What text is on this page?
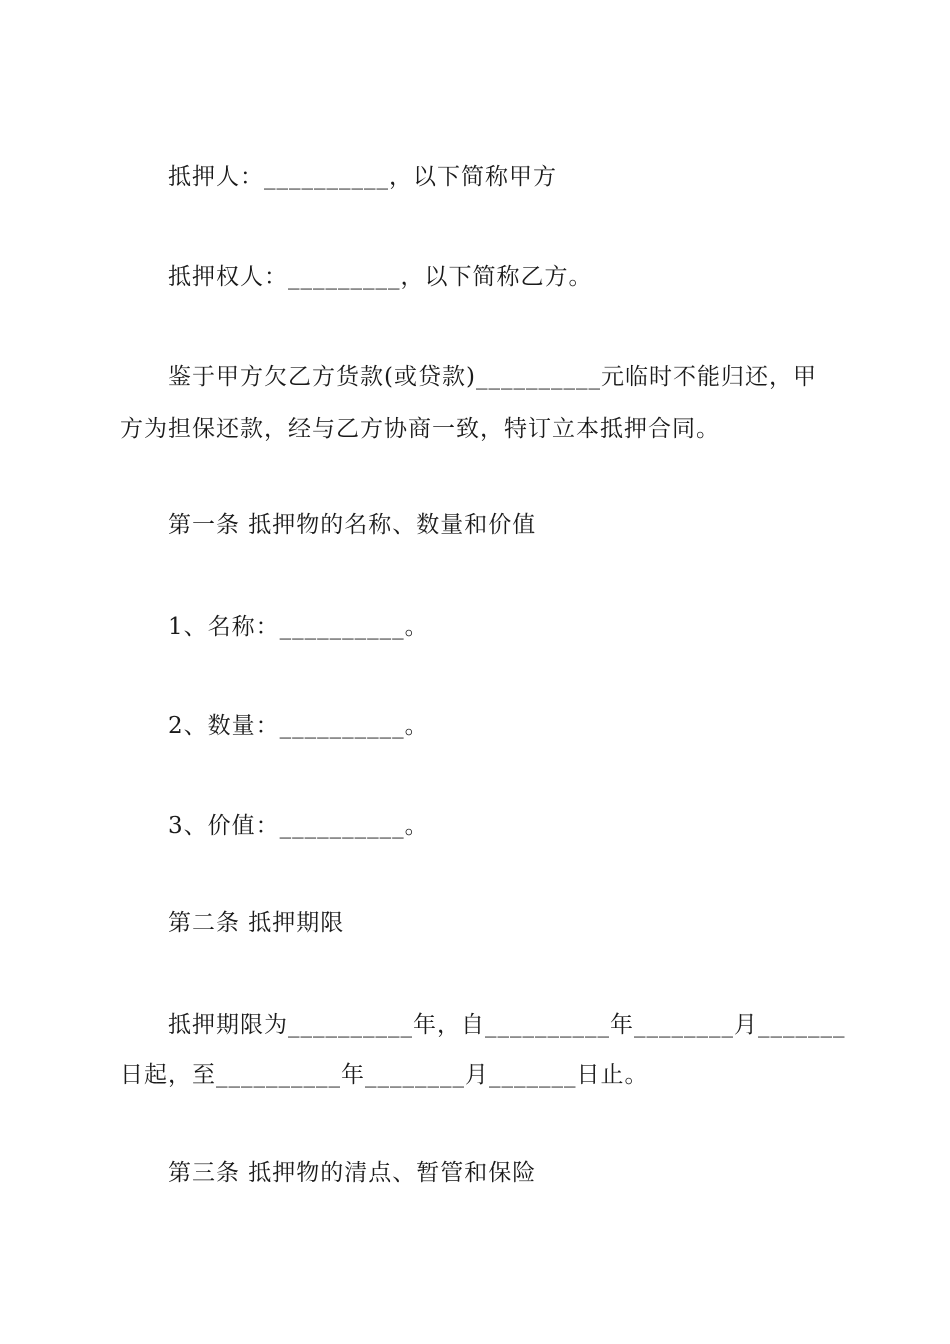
抵押人：__________，以下简称甲方
抵押权人：_________，以下简称乙方。
鉴于甲方欠乙方货款(或贷款)__________元临时不能归还，甲
方为担保还款，经与乙方协商一致，特订立本抵押合同。
第一条 抵押物的名称、数量和价值
1、名称：__________。
2、数量：__________。
3、价值：__________。
第二条 抵押期限
抵押期限为__________年，自__________年________月_______
日起，至__________年________月_______日止。
第三条 抵押物的清点、暂管和保险
